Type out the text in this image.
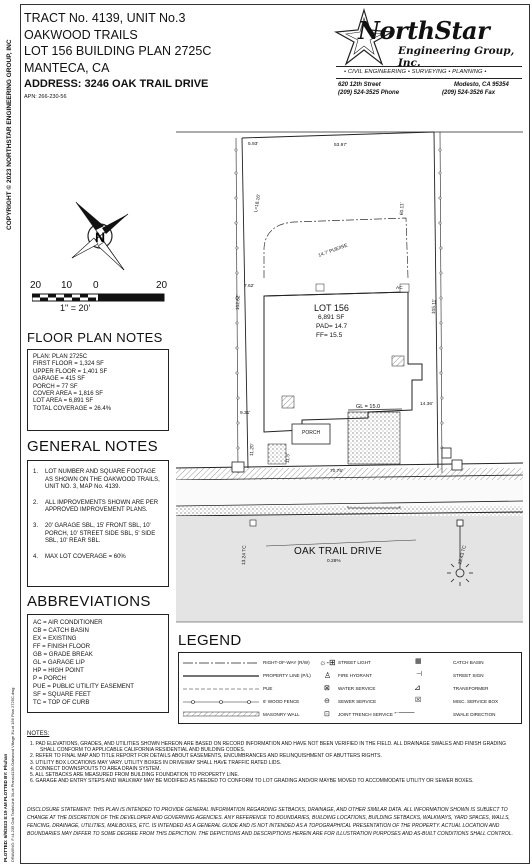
COPYRIGHT © 2023 NORTHSTAR ENGINEERING GROUP, INC
PLOTTED: 6/9/2023 8:19 AM PLOTTED BY: Phuhan DRAWING: F:\4-235 Oak Trails\Unit 3\Lot Plans\4139-Oakwood Village 3\Lot 156 Plan 2725C.dwg
TRACT No. 4139, UNIT No.3
OAKWOOD TRAILS
LOT 156 BUILDING PLAN 2725C
MANTECA, CA
ADDRESS: 3246 OAK TRAIL DRIVE
APN: 266-230-56
NorthStar
Engineering Group, Inc.
• CIVIL ENGINEERING • SURVEYING • PLANNING •
620 12th Street	Modesto, CA 95354
(209) 524-3525 Phone	(209) 524-3526 Fax
N
20 10 0	20
1" = 20'
FLOOR PLAN NOTES
PLAN: PLAN 2725C
FIRST FLOOR = 1,324 SF
UPPER FLOOR = 1,401 SF
GARAGE = 415 SF
PORCH = 77 SF
COVER AREA = 1,816 SF
LOT AREA = 6,891 SF
TOTAL COVERAGE = 26.4%
GENERAL NOTES
1.	LOT NUMBER AND SQUARE FOOTAGE AS SHOWN ON THE OAKWOOD TRAILS, UNIT NO. 3, MAP No. 4139.
2.	ALL IMPROVEMENTS SHOWN ARE PER APPROVED IMPROVEMENT PLANS.
3.	20' GARAGE SBL, 15' FRONT SBL, 10' PORCH, 10' STREET SIDE SBL, 5' SIDE SBL, 10' REAR SBL.
4.	MAX LOT COVERAGE = 60%
ABBREVIATIONS
AC = AIR CONDITIONER
CB = CATCH BASIN
EX = EXISTING
FF = FINISH FLOOR
GB = GRADE BREAK
GL = GARAGE LIP
HP = HIGH POINT
P = PORCH
PUE = PUBLIC UTILITY EASEMENT
SF = SQUARE FEET
TC = TOP OF CURB
5.93'	53.97'
L=18.16'
14.7' PUE/ISE
60.11'
105.11'
102.62'
7.62'
9.31'
11.20'
11.5'
70.75'
14.36'
LOT 156
6,891 SF
PAD= 14.7
FF= 15.5
AC
PORCH
GL = 15.0
OAK TRAIL DRIVE
0.28%
13.24 TC	13.43 TC
LEGEND
RIGHT-OF-WAY (R/W)
PROPERTY LINE (P/L)
PUE
6' WOOD FENCE
MASONRY WALL
☼-⊞
♙
⊠
⊖
⊡
STREET LIGHT
FIRE HYDRANT
WATER SERVICE
SEWER SERVICE
JOINT TRENCH SERVICE
▦
⊣
⊿
☒
←–––––
CATCH BASIN
STREET SIGN
TRANSFORMER
MISC. SERVICE BOX
SWALE DIRECTION
NOTES:
1. PAD ELEVATIONS, GRADES, AND UTILITIES SHOWN HEREON ARE BASED ON RECORD INFORMATION AND HAVE NOT BEEN VERIFIED IN THE FIELD. ALL DRAINAGE SWALES AND FINISH GRADING SHALL CONFORM TO APPLICABLE CALIFORNIA RESIDENTIAL AND BUILDING CODES.
2. REFER TO FINAL MAP AND TITLE REPORT FOR DETAILS ABOUT EASEMENTS, ENCUMBRANCES AND RELINQUISHMENT OF ABUTTERS RIGHTS.
3. UTILITY BOX LOCATIONS MAY VARY. UTILITY BOXES IN DRIVEWAY SHALL HAVE TRAFFIC RATED LIDS.
4. CONNECT DOWNSPOUTS TO AREA DRAIN SYSTEM.
5. ALL SETBACKS ARE MEASURED FROM BUILDING FOUNDATION TO PROPERTY LINE.
6. GARAGE AND ENTRY STEPS AND WALKWAY MAY BE MODIFIED AS NEEDED TO CONFORM TO LOT GRADING AND/OR MAYBE MOVED TO ACCOMMODATE UTILITY OR SEWER BOXES.
DISCLOSURE STATEMENT: THIS PLAN IS INTENDED TO PROVIDE GENERAL INFORMATION REGARDING SETBACKS, DRAINAGE, AND OTHER SIMILAR DATA. ALL INFORMATION SHOWN IS SUBJECT TO CHANGE AT THE DISCRETION OF THE DEVELOPER AND GOVERNING AGENCIES. ANY REFERENCE TO BOUNDARIES, BUILDING LOCATIONS, BUILDING SETBACKS, WALKWAYS, YARD SPACES, WALLS, FENCING, DRAINAGE, UTILITIES, MAILBOXES, ETC. IS INTENDED AS A GENERAL GUIDE AND IS NOT INTENDED AS A TOPOGRAPHICAL PRESENTATION OF THE PROPERTY. ACTUAL LOCATION AND BOUNDARIES MAY DIFFER TO SOME DEGREE FROM THIS DEPICTION. THE DEPICTIONS AND DESCRIPTIONS HEREIN ARE FOR ILLUSTRATION PURPOSES AND AS-BUILT CONDITIONS SHALL CONTROL.
